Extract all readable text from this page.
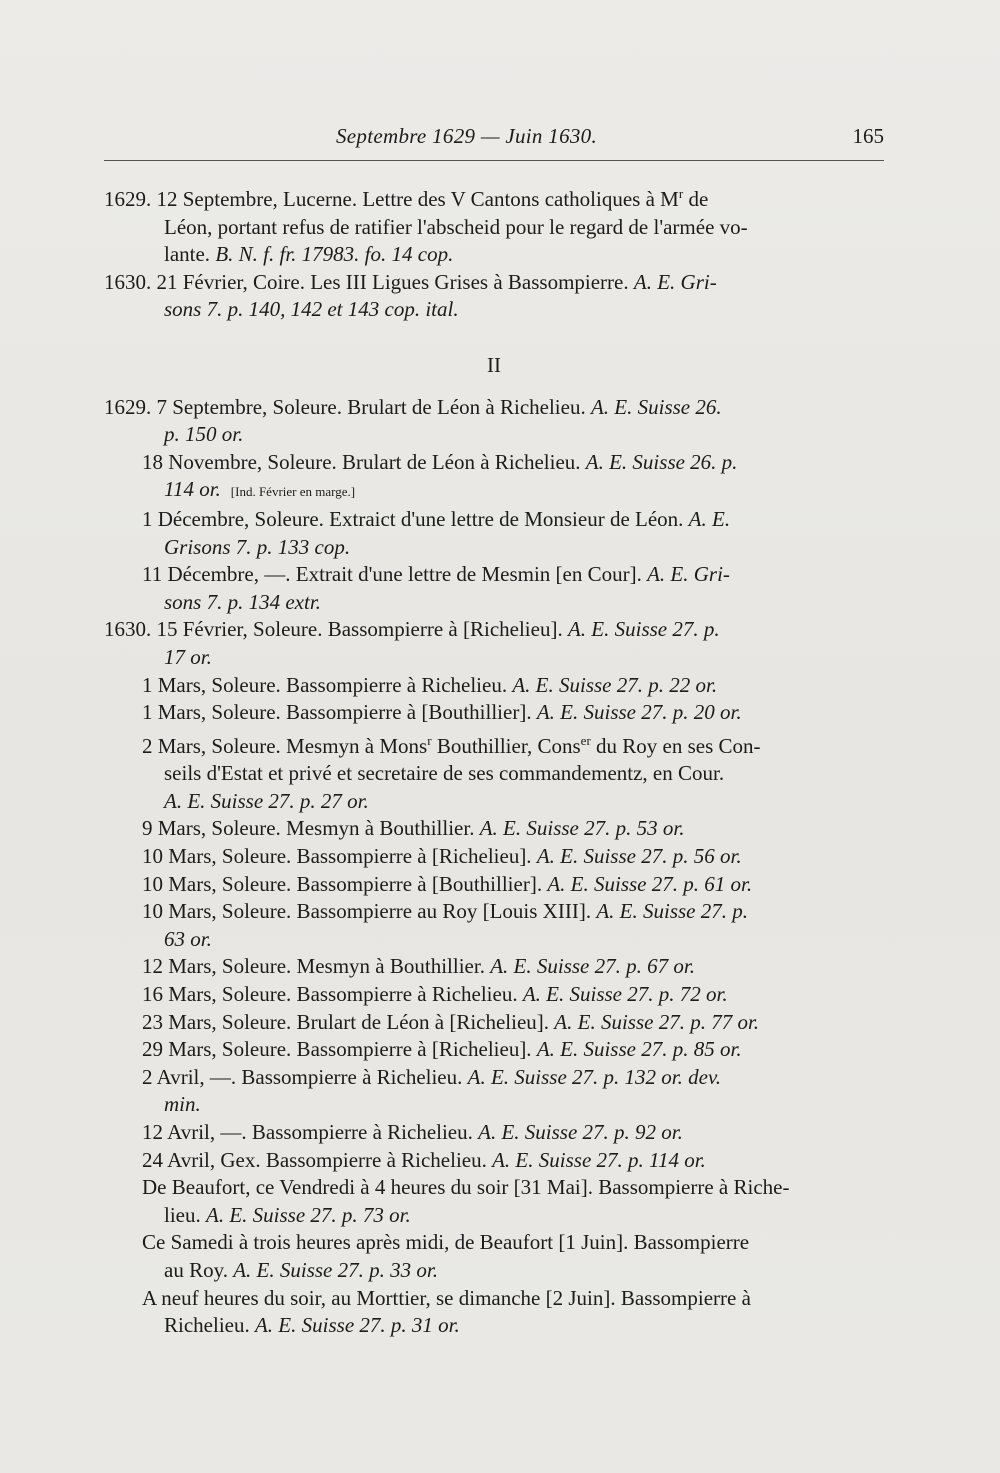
Septembre 1629 — Juin 1630.	165

1629. 12 Septembre, Lucerne. Lettre des V Cantons catholiques à $M^r$ de
Léon, portant refus de ratifier l'abscheid pour le regard de l'armée vo-
lante. B. N. f. fr. 17983. fo. 14 cop.

1630. 21 Février, Coire. Les III Ligues Grises à Bassompierre. A. E. Gri-
sons 7. p. 140, 142 et 143 cop. ital.

II

1629. 7 Septembre, Soleure. Brulart de Léon à Richelieu. A. E. Suisse 26.
p. 150 or.

18 Novembre, Soleure. Brulart de Léon à Richelieu. A. E. Suisse 26. p.
114 or. [Ind. Février en marge.]

1 Décembre, Soleure. Extraict d'une lettre de Monsieur de Léon. A. E.
Grisons 7. p. 133 cop.

11 Décembre, —. Extrait d'une lettre de Mesmin [en Cour]. A. E. Gri-
sons 7. p. 134 extr.

1630. 15 Février, Soleure. Bassompierre à [Richelieu]. A. E. Suisse 27. p.
17 or.

1 Mars, Soleure. Bassompierre à Richelieu. A. E. Suisse 27. p. 22 or.

1 Mars, Soleure. Bassompierre à [Bouthillier]. A. E. Suisse 27. p. 20 or.

2 Mars, Soleure. Mesmyn à Mons$^r$ Bouthillier, Cons$^{er}$ du Roy en ses Con-
seils d'Estat et privé et secretaire de ses commandementz, en Cour.
A. E. Suisse 27. p. 27 or.

9 Mars, Soleure. Mesmyn à Bouthillier. A. E. Suisse 27. p. 53 or.

10 Mars, Soleure. Bassompierre à [Richelieu]. A. E. Suisse 27. p. 56 or.

10 Mars, Soleure. Bassompierre à [Bouthillier]. A. E. Suisse 27. p. 61 or.

10 Mars, Soleure. Bassompierre au Roy [Louis XIII]. A. E. Suisse 27. p.
63 or.

12 Mars, Soleure. Mesmyn à Bouthillier. A. E. Suisse 27. p. 67 or.

16 Mars, Soleure. Bassompierre à Richelieu. A. E. Suisse 27. p. 72 or.

23 Mars, Soleure. Brulart de Léon à [Richelieu]. A. E. Suisse 27. p. 77 or.

29 Mars, Soleure. Bassompierre à [Richelieu]. A. E. Suisse 27. p. 85 or.

2 Avril, —. Bassompierre à Richelieu. A. E. Suisse 27. p. 132 or. dev.
min.

12 Avril, —. Bassompierre à Richelieu. A. E. Suisse 27. p. 92 or.

24 Avril, Gex. Bassompierre à Richelieu. A. E. Suisse 27. p. 114 or.

De Beaufort, ce Vendredi à 4 heures du soir [31 Mai]. Bassompierre à Riche-
lieu. A. E. Suisse 27. p. 73 or.

Ce Samedi à trois heures après midi, de Beaufort [1 Juin]. Bassompierre
au Roy. A. E. Suisse 27. p. 33 or.

A neuf heures du soir, au Morttier, se dimanche [2 Juin]. Bassompierre à
Richelieu. A. E. Suisse 27. p. 31 or.
